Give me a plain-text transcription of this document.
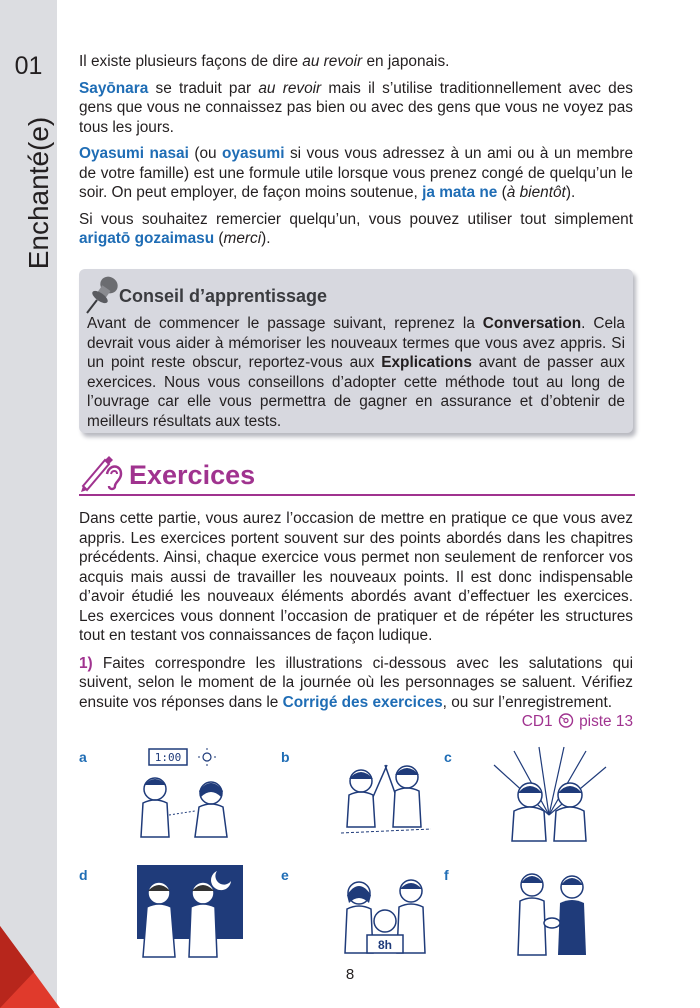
01
Enchanté(e)

Il existe plusieurs façons de dire au revoir en japonais.

Sayōnara se traduit par au revoir mais il s’utilise traditionnellement avec des gens que vous ne connaissez pas bien ou avec des gens que vous ne voyez pas tous les jours.

Oyasumi nasai (ou oyasumi si vous vous adressez à un ami ou à un membre de votre famille) est une formule utile lorsque vous prenez congé de quelqu’un le soir. On peut employer, de façon moins soutenue, ja mata ne (à bientôt).

Si vous souhaitez remercier quelqu’un, vous pouvez utiliser tout simplement arigatō gozaimasu (merci).

Conseil d’apprentissage
Avant de commencer le passage suivant, reprenez la Conversation. Cela devrait vous aider à mémoriser les nouveaux termes que vous avez appris. Si un point reste obscur, reportez-vous aux Explications avant de passer aux exercices. Nous vous conseillons d’adopter cette méthode tout au long de l’ouvrage car elle vous permettra de gagner en assurance et d’obtenir de meilleurs résultats aux tests.
Exercices

Dans cette partie, vous aurez l’occasion de mettre en pratique ce que vous avez appris. Les exercices portent souvent sur des points abordés dans les chapitres précédents. Ainsi, chaque exercice vous permet non seulement de renforcer vos acquis mais aussi de travailler les nouveaux points. Il est donc indispensable d’avoir étudié les nouveaux éléments abordés avant d’effectuer les exercices. Les exercices vous donnent l’occasion de pratiquer et de répéter les structures tout en testant vos connaissances de façon ludique.

1) Faites correspondre les illustrations ci-dessous avec les salutations qui suivent, selon le moment de la journée où les personnages se saluent. Vérifiez ensuite vos réponses dans le Corrigé des exercices, ou sur l’enregistrement.
CD1 piste 13

a	1:00	b	c
d	e
8h
f
8
